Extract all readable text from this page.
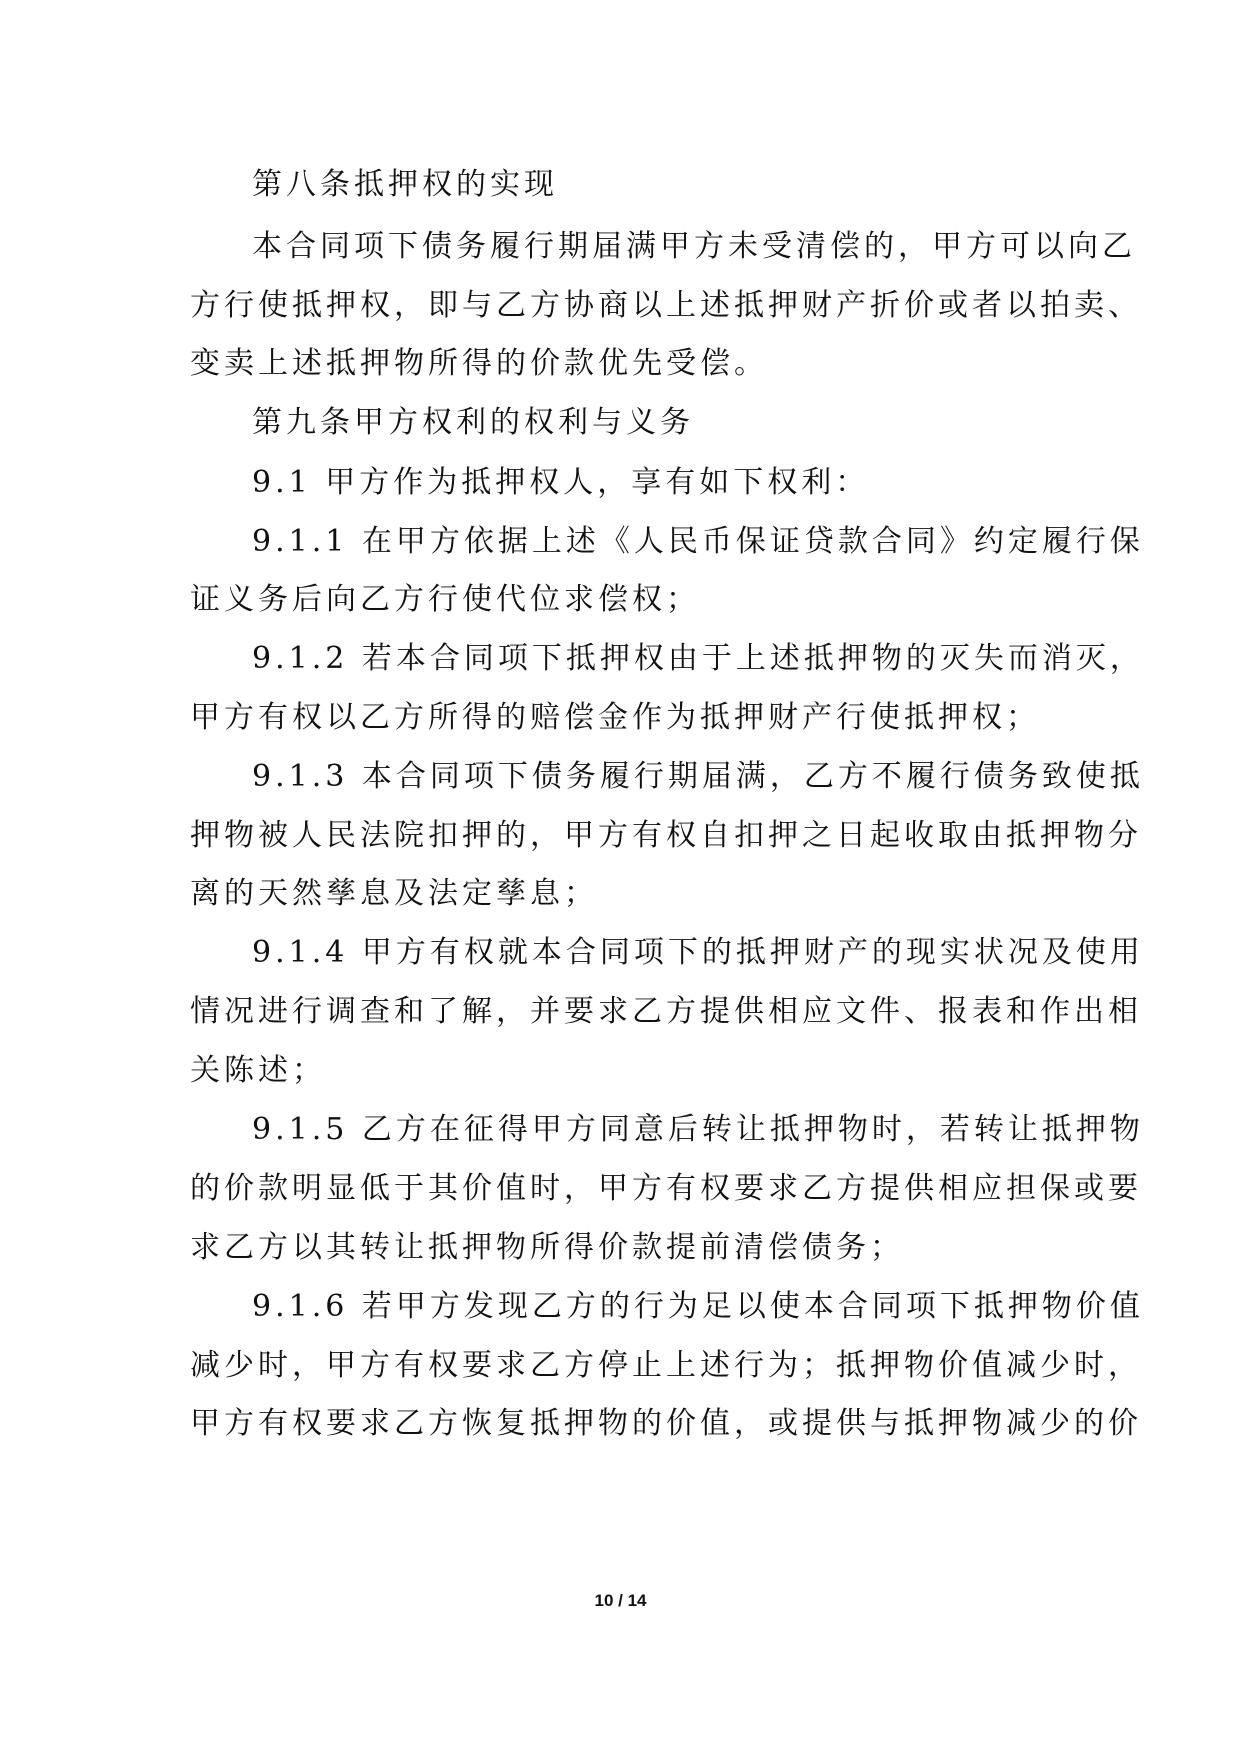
第八条抵押权的实现
本合同项下债务履行期届满甲方未受清偿的，甲方可以向乙
方行使抵押权，即与乙方协商以上述抵押财产折价或者以拍卖、
变卖上述抵押物所得的价款优先受偿。
第九条甲方权利的权利与义务
9.1 甲方作为抵押权人，享有如下权利：
9.1.1 在甲方依据上述《人民币保证贷款合同》约定履行保
证义务后向乙方行使代位求偿权；
9.1.2 若本合同项下抵押权由于上述抵押物的灭失而消灭，
甲方有权以乙方所得的赔偿金作为抵押财产行使抵押权；
9.1.3 本合同项下债务履行期届满，乙方不履行债务致使抵
押物被人民法院扣押的，甲方有权自扣押之日起收取由抵押物分
离的天然孳息及法定孳息；
9.1.4 甲方有权就本合同项下的抵押财产的现实状况及使用
情况进行调查和了解，并要求乙方提供相应文件、报表和作出相
关陈述；
9.1.5 乙方在征得甲方同意后转让抵押物时，若转让抵押物
的价款明显低于其价值时，甲方有权要求乙方提供相应担保或要
求乙方以其转让抵押物所得价款提前清偿债务；
9.1.6 若甲方发现乙方的行为足以使本合同项下抵押物价值
减少时，甲方有权要求乙方停止上述行为；抵押物价值减少时，
甲方有权要求乙方恢复抵押物的价值，或提供与抵押物减少的价
10 / 14
